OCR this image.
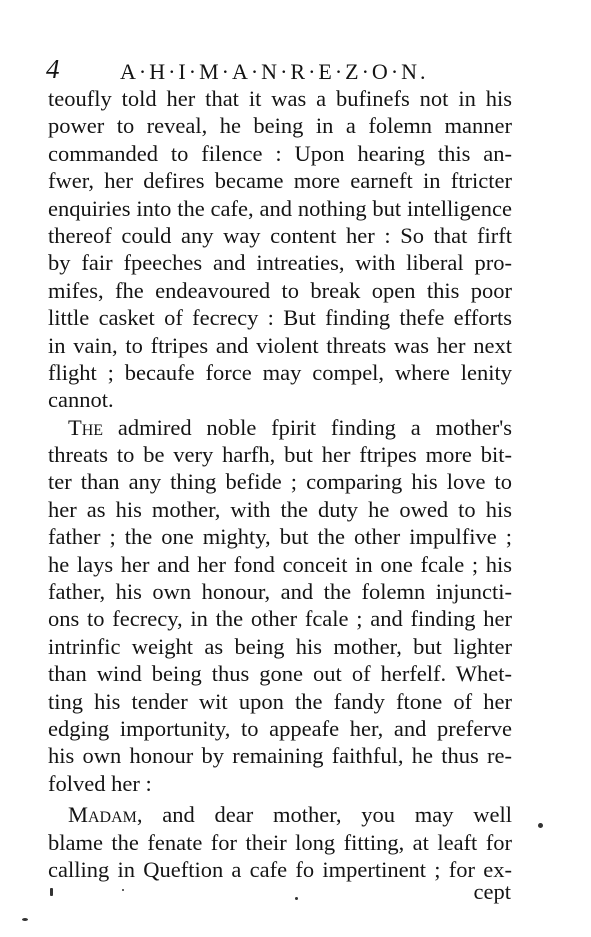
4	A·H·I·M·A·N·R·E·Z·O·N.
teoufly told her that it was a bufinefs not in his
power to reveal, he being in a folemn manner
commanded to filence : Upon hearing this an-
fwer, her defires became more earneft in ftricter
enquiries into the cafe, and nothing but intelligence
thereof could any way content her : So that firft
by fair fpeeches and intreaties, with liberal pro-
mifes, fhe endeavoured to break open this poor
little casket of fecrecy : But finding thefe efforts
in vain, to ftripes and violent threats was her next
flight ; becaufe force may compel, where lenity
cannot.
The admired noble fpirit finding a mother's
threats to be very harfh, but her ftripes more bit-
ter than any thing befide ; comparing his love to
her as his mother, with the duty he owed to his
father ; the one mighty, but the other impulfive ;
he lays her and her fond conceit in one fcale ; his
father, his own honour, and the folemn injuncti-
ons to fecrecy, in the other fcale ; and finding her
intrinfic weight as being his mother, but lighter
than wind being thus gone out of herfelf. Whet-
ting his tender wit upon the fandy ftone of her
edging importunity, to appeafe her, and preferve
his own honour by remaining faithful, he thus re-
folved her :
Madam, and dear mother, you may well
blame the fenate for their long fitting, at leaft for
calling in Queftion a cafe fo impertinent ; for ex-
cept
